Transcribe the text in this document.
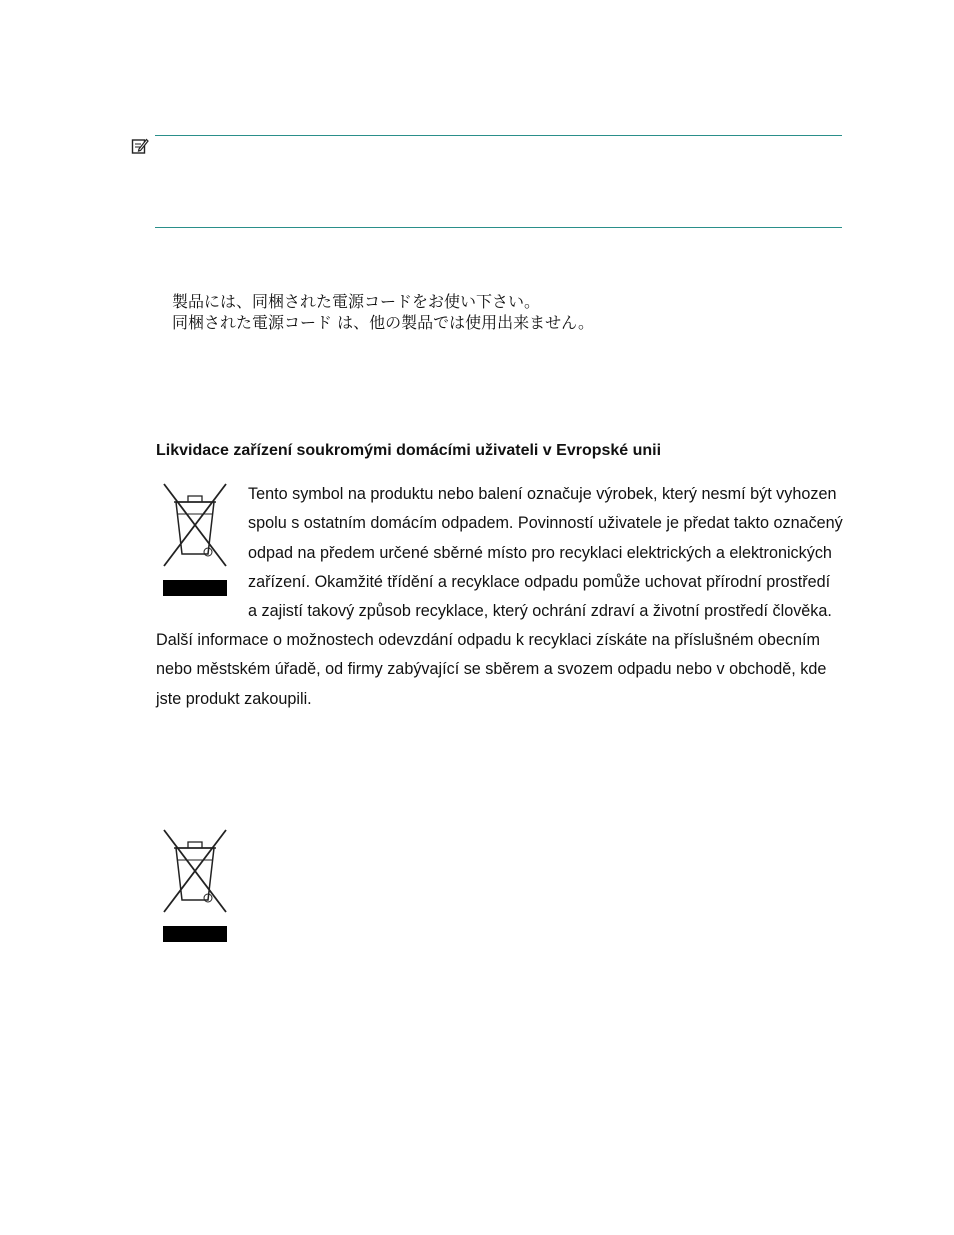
製品には、同梱された電源コードをお使い下さい。
同梱された電源コード は、他の製品では使用出来ません。
Likvidace zařízení soukromými domácími uživateli v Evropské unii
Tento symbol na produktu nebo balení označuje výrobek, který nesmí být vyhozen
spolu s ostatním domácím odpadem. Povinností uživatele je předat takto označený
odpad na předem určené sběrné místo pro recyklaci elektrických a elektronických
zařízení. Okamžité třídění a recyklace odpadu pomůže uchovat přírodní prostředí
a zajistí takový způsob recyklace, který ochrání zdraví a životní prostředí člověka.
Další informace o možnostech odevzdání odpadu k recyklaci získáte na příslušném obecním
nebo městském úřadě, od firmy zabývající se sběrem a svozem odpadu nebo v obchodě, kde
jste produkt zakoupili.
